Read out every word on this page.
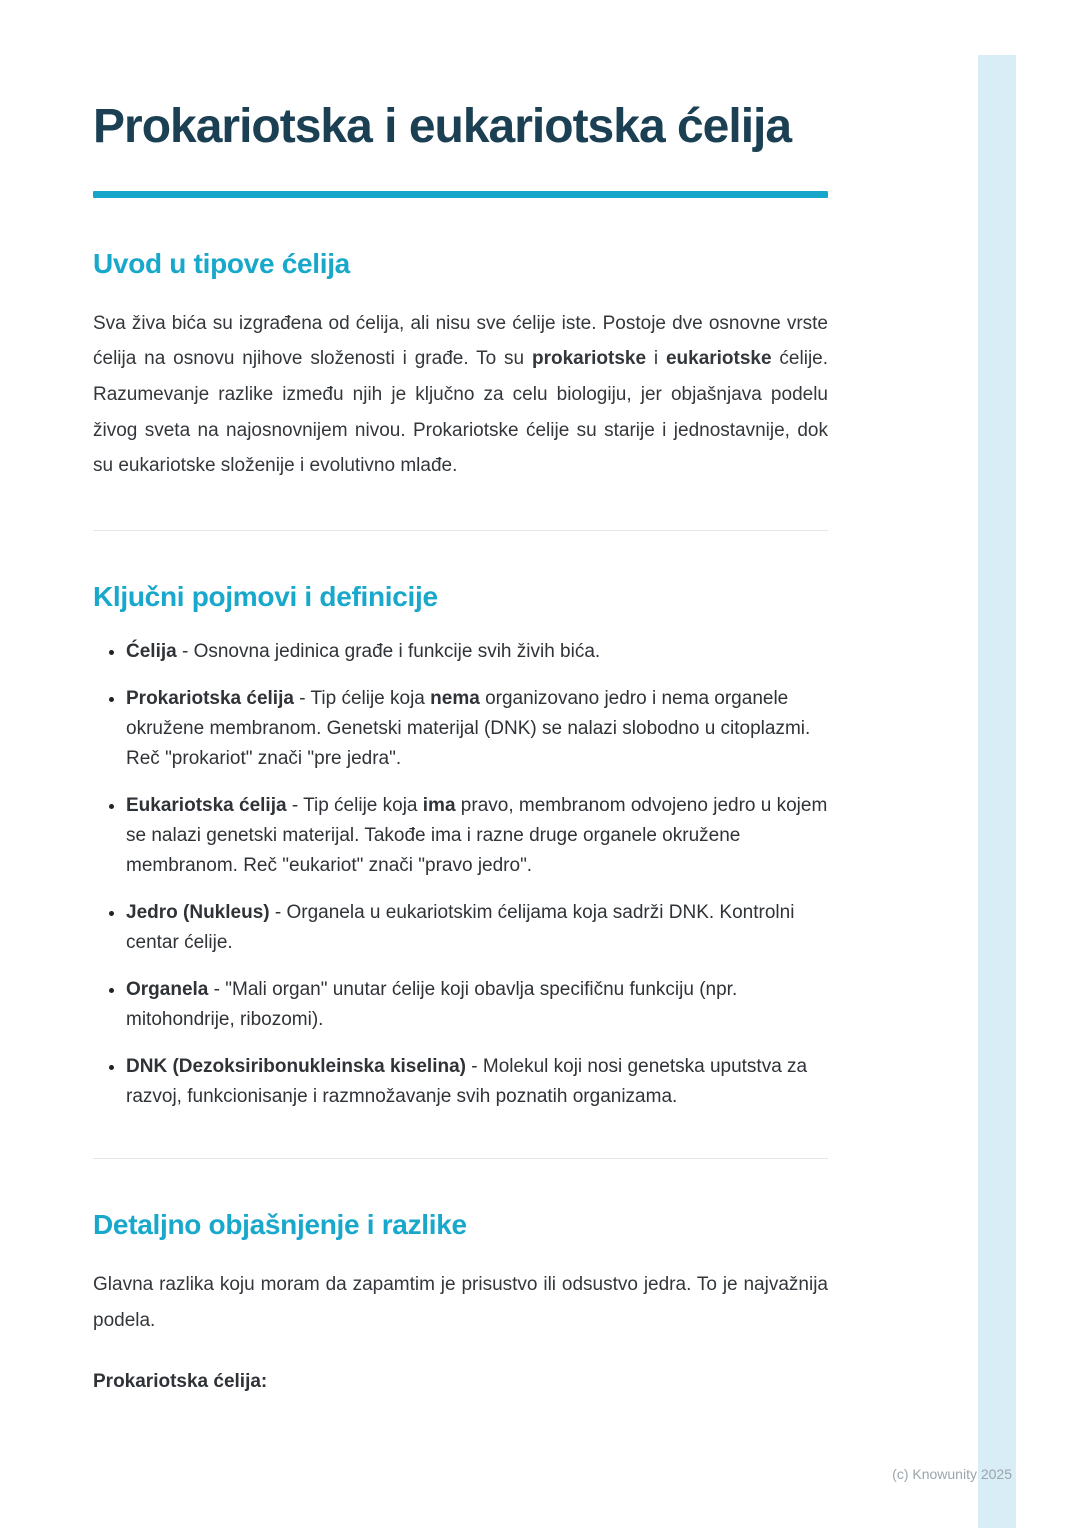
Prokariotska i eukariotska ćelija
Uvod u tipove ćelija

Sva živa bića su izgrađena od ćelija, ali nisu sve ćelije iste. Postoje dve osnovne vrste ćelija na osnovu njihove složenosti i građe. To su prokariotske i eukariotske ćelije. Razumevanje razlike između njih je ključno za celu biologiju, jer objašnjava podelu živog sveta na najosnovnijem nivou. Prokariotske ćelije su starije i jednostavnije, dok su eukariotske složenije i evolutivno mlađe.

Ključni pojmovi i definicije
• Ćelija - Osnovna jedinica građe i funkcije svih živih bića.
• Prokariotska ćelija - Tip ćelije koja nema organizovano jedro i nema organele okružene membranom. Genetski materijal (DNK) se nalazi slobodno u citoplazmi. Reč "prokariot" znači "pre jedra".
• Eukariotska ćelija - Tip ćelije koja ima pravo, membranom odvojeno jedro u kojem se nalazi genetski materijal. Takođe ima i razne druge organele okružene membranom. Reč "eukariot" znači "pravo jedro".
• Jedro (Nukleus) - Organela u eukariotskim ćelijama koja sadrži DNK. Kontrolni centar ćelije.
• Organela - "Mali organ" unutar ćelije koji obavlja specifičnu funkciju (npr. mitohondrije, ribozomi).
• DNK (Dezoksiribonukleinska kiselina) - Molekul koji nosi genetska uputstva za razvoj, funkcionisanje i razmnožavanje svih poznatih organizama.
Detaljno objašnjenje i razlike

Glavna razlika koju moram da zapamtim je prisustvo ili odsustvo jedra. To je najvažnija podela.

Prokariotska ćelija:

(c) Knowunity 2025
